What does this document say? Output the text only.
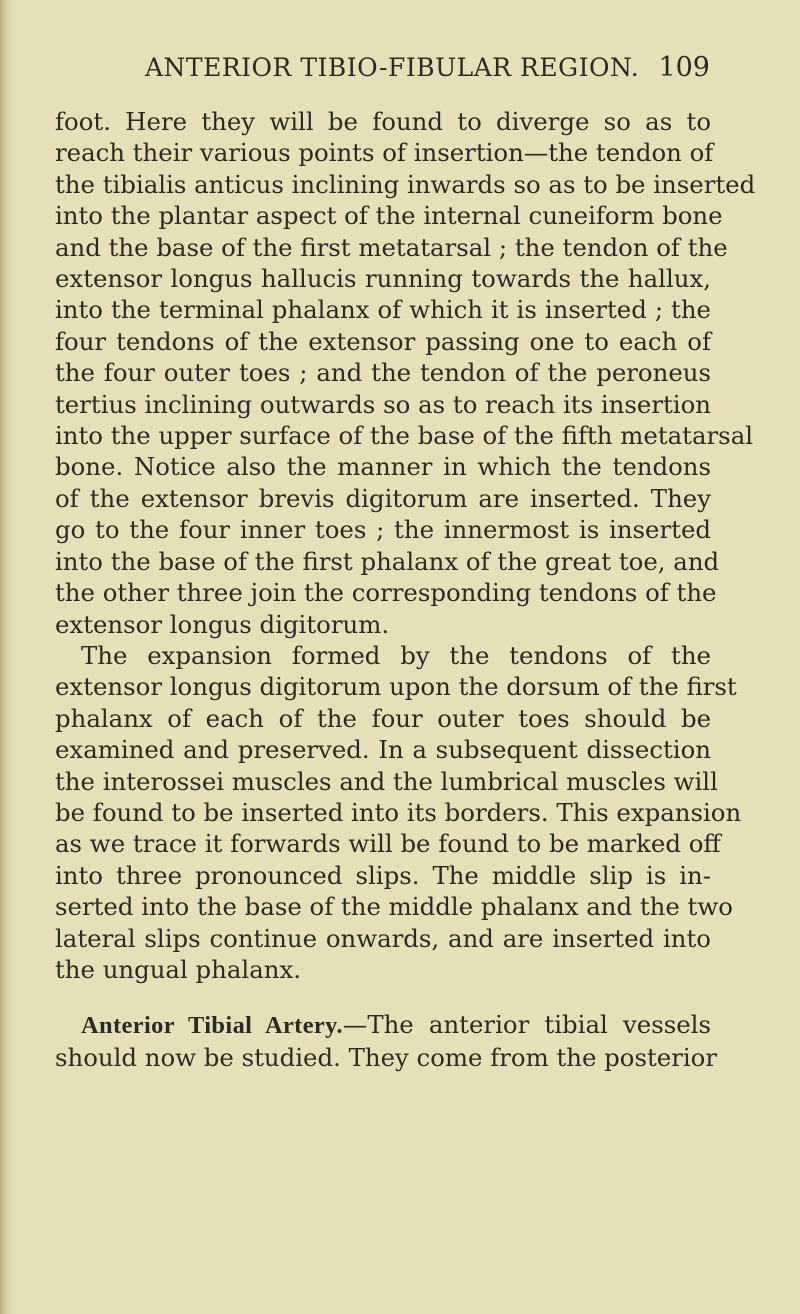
ANTERIOR TIBIO-FIBULAR REGION. 109
foot. Here they will be found to diverge so as to
reach their various points of insertion—the tendon of
the tibialis anticus inclining inwards so as to be inserted
into the plantar aspect of the internal cuneiform bone
and the base of the first metatarsal ; the tendon of the
extensor longus hallucis running towards the hallux,
into the terminal phalanx of which it is inserted ; the
four tendons of the extensor passing one to each of
the four outer toes ; and the tendon of the peroneus
tertius inclining outwards so as to reach its insertion
into the upper surface of the base of the fifth metatarsal
bone. Notice also the manner in which the tendons
of the extensor brevis digitorum are inserted. They
go to the four inner toes ; the innermost is inserted
into the base of the first phalanx of the great toe, and
the other three join the corresponding tendons of the
extensor longus digitorum.
The expansion formed by the tendons of the
extensor longus digitorum upon the dorsum of the first
phalanx of each of the four outer toes should be
examined and preserved. In a subsequent dissection
the interossei muscles and the lumbrical muscles will
be found to be inserted into its borders. This expansion
as we trace it forwards will be found to be marked off
into three pronounced slips. The middle slip is in-
serted into the base of the middle phalanx and the two
lateral slips continue onwards, and are inserted into
the ungual phalanx.
Anterior Tibial Artery.—The anterior tibial vessels
should now be studied. They come from the posterior
